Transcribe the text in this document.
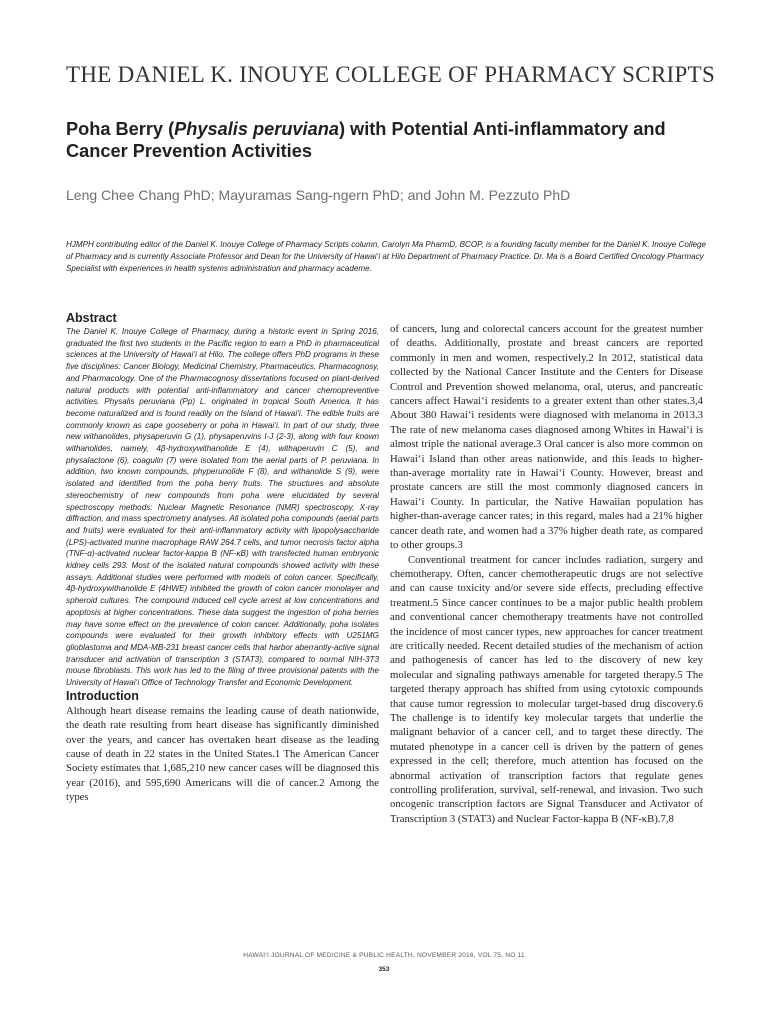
THE DANIEL K. INOUYE COLLEGE OF PHARMACY SCRIPTS
Poha Berry (Physalis peruviana) with Potential Anti-inflammatory and Cancer Prevention Activities
Leng Chee Chang PhD; Mayuramas Sang-ngern PhD; and John M. Pezzuto PhD

HJMPH contributing editor of the Daniel K. Inouye College of Pharmacy Scripts column, Carolyn Ma PharmD, BCOP, is a founding faculty member for the Daniel K. Inouye College of Pharmacy and is currently Associate Professor and Dean for the University of Hawai‘i at Hilo Department of Pharmacy Practice. Dr. Ma is a Board Certified Oncology Pharmacy Specialist with experiences in health systems administration and pharmacy academe.

Abstract

The Daniel K. Inouye College of Pharmacy, during a historic event in Spring 2016, graduated the first two students in the Pacific region to earn a PhD in pharmaceutical sciences at the University of Hawai‘i at Hilo. The college offers PhD programs in these five disciplines: Cancer Biology, Medicinal Chemistry, Pharmaceutics, Pharmacognosy, and Pharmacology. One of the Pharmacognosy dissertations focused on plant-derived natural products with potential anti-inflammatory and cancer chemopreventive activities. Physalis peruviana (Pp) L. originated in tropical South America. It has become naturalized and is found readily on the Island of Hawai‘i. The edible fruits are commonly known as cape gooseberry or poha in Hawai‘i. In part of our study, three new withanolides, physaperuvin G (1), physaperuvins I-J (2-3), along with four known withanolides, namely, 4β-hydroxywithanolide E (4), withaperuvin C (5), and physalactone (6), coagulin (7) were isolated from the aerial parts of P. peruviana. In addition, two known compounds, phyperunolide F (8), and withanolide S (9), were isolated and identified from the poha berry fruits. The structures and absolute stereochemistry of new compounds from poha were elucidated by several spectroscopy methods: Nuclear Magnetic Resonance (NMR) spectroscopy, X-ray diffraction, and mass spectrometry analyses. All isolated poha compounds (aerial parts and fruits) were evaluated for their anti-inflammatory activity with lipopolysaccharide (LPS)-activated murine macrophage RAW 264.7 cells, and tumor necrosis factor alpha (TNF-α)-activated nuclear factor-kappa B (NF-κB) with transfected human embryonic kidney cells 293. Most of the isolated natural compounds showed activity with these assays. Additional studies were performed with models of colon cancer. Specifically, 4β-hydroxywithanolide E (4HWE) inhibited the growth of colon cancer monolayer and spheroid cultures. The compound induced cell cycle arrest at low concentrations and apoptosis at higher concentrations. These data suggest the ingestion of poha berries may have some effect on the prevalence of colon cancer. Additionally, poha isolates compounds were evaluated for their growth inhibitory effects with U251MG glioblastoma and MDA-MB-231 breast cancer cells that harbor aberrantly-active signal transducer and activation of transcription 3 (STAT3), compared to normal NIH-3T3 mouse fibroblasts. This work has led to the filing of three provisional patents with the University of Hawai‘i Office of Technology Transfer and Economic Development.

Introduction

Although heart disease remains the leading cause of death nationwide, the death rate resulting from heart disease has significantly diminished over the years, and cancer has overtaken heart disease as the leading cause of death in 22 states in the United States.1 The American Cancer Society estimates that 1,685,210 new cancer cases will be diagnosed this year (2016), and 595,690 Americans will die of cancer.2 Among the types

of cancers, lung and colorectal cancers account for the greatest number of deaths. Additionally, prostate and breast cancers are reported commonly in men and women, respectively.2 In 2012, statistical data collected by the National Cancer Institute and the Centers for Disease Control and Prevention showed melanoma, oral, uterus, and pancreatic cancers affect Hawai‘i residents to a greater extent than other states.3,4 About 380 Hawai‘i residents were diagnosed with melanoma in 2013.3 The rate of new melanoma cases diagnosed among Whites in Hawai‘i is almost triple the national average.3 Oral cancer is also more common on Hawai‘i Island than other areas nationwide, and this leads to higher-than-average mortality rate in Hawai‘i County. However, breast and prostate cancers are still the most commonly diagnosed cancers in Hawai‘i County. In particular, the Native Hawaiian population has higher-than-average cancer rates; in this regard, males had a 21% higher cancer death rate, and women had a 37% higher death rate, as compared to other groups.3

Conventional treatment for cancer includes radiation, surgery and chemotherapy. Often, cancer chemotherapeutic drugs are not selective and can cause toxicity and/or severe side effects, precluding effective treatment.5 Since cancer continues to be a major public health problem and conventional cancer chemotherapy treatments have not controlled the incidence of most cancer types, new approaches for cancer treatment are critically needed. Recent detailed studies of the mechanism of action and pathogenesis of cancer has led to the discovery of new key molecular and signaling pathways amenable for targeted therapy.5 The targeted therapy approach has shifted from using cytotoxic compounds that cause tumor regression to molecular target-based drug discovery.6 The challenge is to identify key molecular targets that underlie the malignant behavior of a cancer cell, and to target these directly. The mutated phenotype in a cancer cell is driven by the pattern of genes expressed in the cell; therefore, much attention has focused on the abnormal activation of transcription factors that regulate genes controlling proliferation, survival, self-renewal, and invasion. Two such oncogenic transcription factors are Signal Transducer and Activator of Transcription 3 (STAT3) and Nuclear Factor-kappa B (NF-κB).7,8

HAWAI‘I JOURNAL OF MEDICINE & PUBLIC HEALTH, NOVEMBER 2016, VOL 75, NO 11
353
